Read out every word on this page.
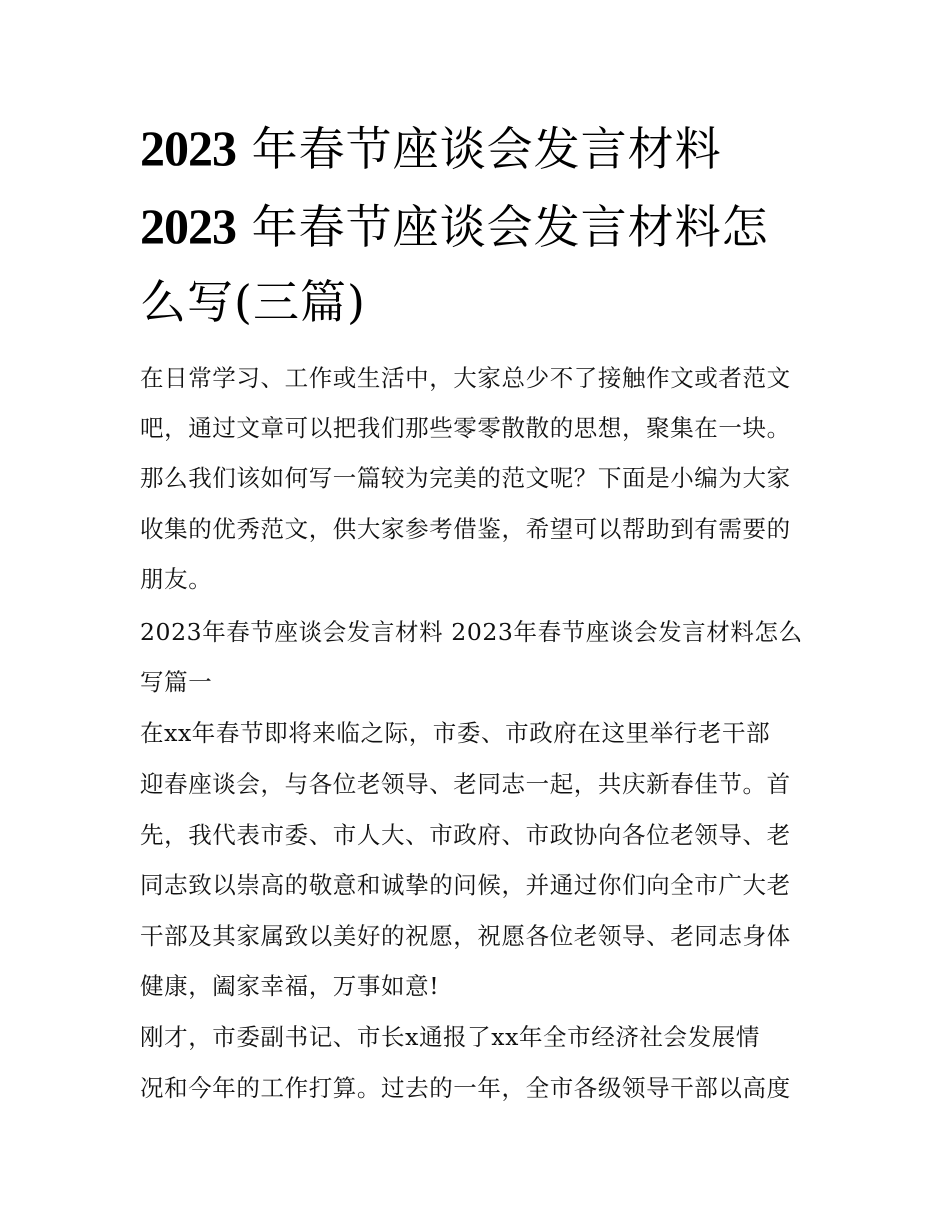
2023 年春节座谈会发言材料
2023 年春节座谈会发言材料怎
么写(三篇)
在日常学习、工作或生活中，大家总少不了接触作文或者范文
吧，通过文章可以把我们那些零零散散的思想，聚集在一块。
那么我们该如何写一篇较为完美的范文呢？下面是小编为大家
收集的优秀范文，供大家参考借鉴，希望可以帮助到有需要的
朋友。
2023年春节座谈会发言材料 2023年春节座谈会发言材料怎么
写篇一
在xx年春节即将来临之际，市委、市政府在这里举行老干部
迎春座谈会，与各位老领导、老同志一起，共庆新春佳节。首
先，我代表市委、市人大、市政府、市政协向各位老领导、老
同志致以崇高的敬意和诚挚的问候，并通过你们向全市广大老
干部及其家属致以美好的祝愿，祝愿各位老领导、老同志身体
健康，阖家幸福，万事如意!
刚才，市委副书记、市长x通报了xx年全市经济社会发展情
况和今年的工作打算。过去的一年，全市各级领导干部以高度
